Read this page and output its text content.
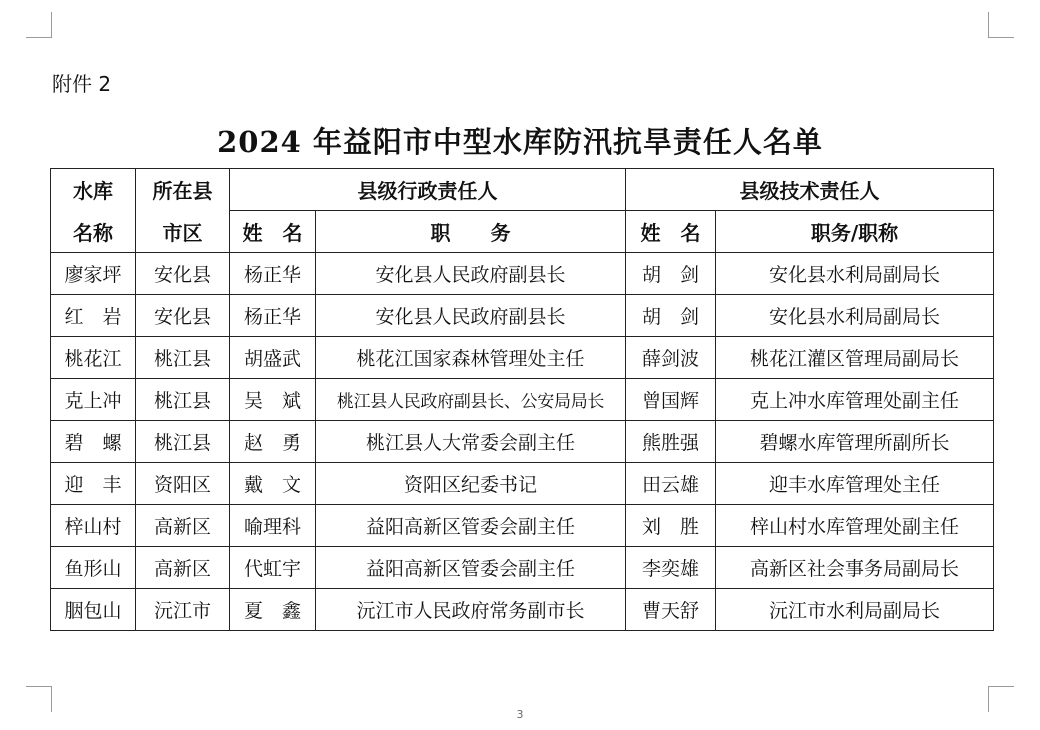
附件 2
2024 年益阳市中型水库防汛抗旱责任人名单
水库	所在县	县级行政责任人		县级技术责任人	
名称	市区	姓　名	职　　务	姓　名	职务/职称
廖家坪	安化县	杨正华	安化县人民政府副县长	胡　剑	安化县水利局副局长
红　岩	安化县	杨正华	安化县人民政府副县长	胡　剑	安化县水利局副局长
桃花江	桃江县	胡盛武	桃花江国家森林管理处主任	薛剑波	桃花江灌区管理局副局长
克上冲	桃江县	吴　斌	桃江县人民政府副县长、公安局局长	曾国辉	克上冲水库管理处副主任
碧　螺	桃江县	赵　勇	桃江县人大常委会副主任	熊胜强	碧螺水库管理所副所长
迎　丰	资阳区	戴　文	资阳区纪委书记	田云雄	迎丰水库管理处主任
梓山村	高新区	喻理科	益阳高新区管委会副主任	刘　胜	梓山村水库管理处副主任
鱼形山	高新区	代虹宇	益阳高新区管委会副主任	李奕雄	高新区社会事务局副局长
胭包山	沅江市	夏　鑫	沅江市人民政府常务副市长	曹天舒	沅江市水利局副局长
3
